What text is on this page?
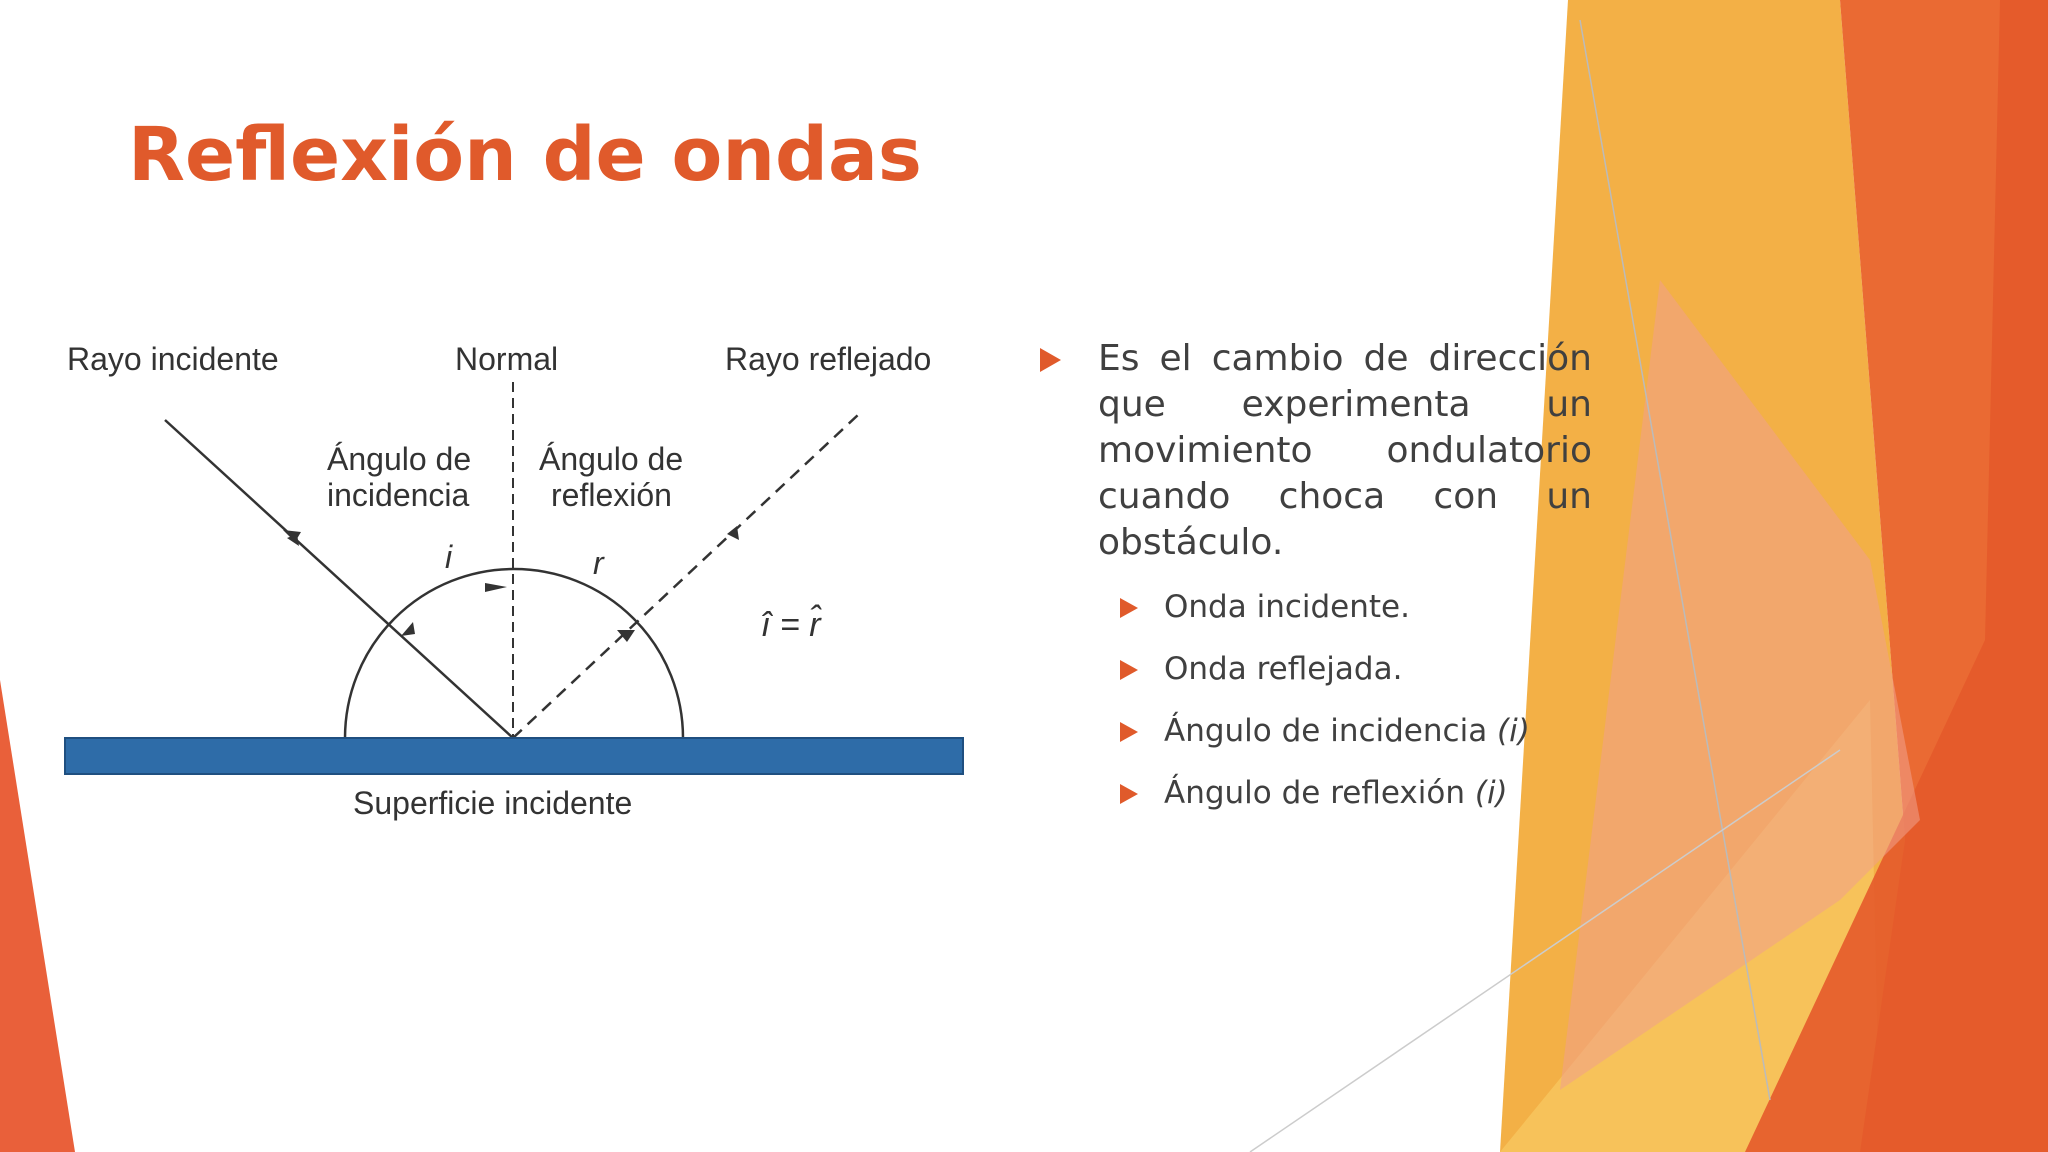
Reflexión de ondas
Rayo incidente	Normal	Rayo reflejado
Ángulo de
incidencia
Ángulo de
reflexión
i	r
î = r̂
Superficie incidente

Es el cambio de dirección que experimenta un movimiento ondulatorio cuando choca con un obstáculo.

Onda incidente.
Onda reflejada.
Ángulo de incidencia (i)
Ángulo de reflexión (i)
